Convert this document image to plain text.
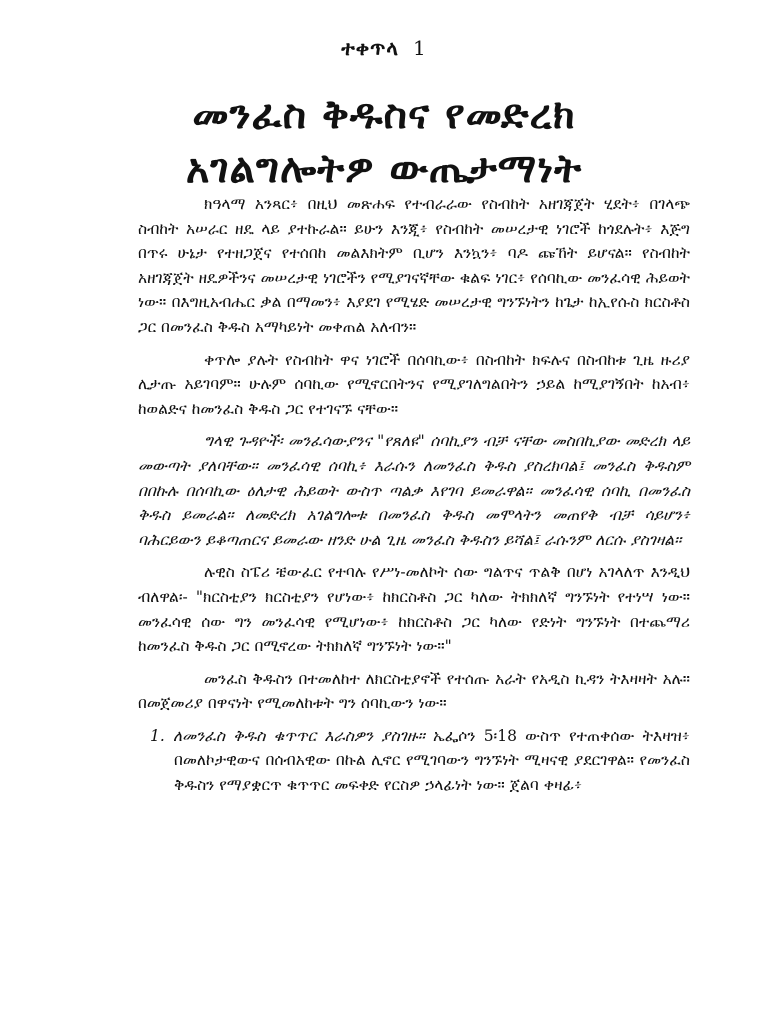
ተቀጥላ 1
መንፈስ ቅዱስና የመድረክ
አገልግሎትዎ ውጤታማነት

ክዓላማ አንጻር፥ በዚህ መጽሐፍ የተብራራው የስብከት አዘገጃጀት ሂደት፥ በገላጭ ስብከት አሠራር ዘዴ ላይ ያተኩራል። ይሁን እንጂ፥ የስብከት መሠረታዊ ነገሮች ከጎደሉት፥ እጅግ በጥሩ ሁኔታ የተዘጋጀና የተሰበከ መልእክትም ቢሆን እንኳን፥ ባዶ ጩኸት ይሆናል። የስብከት አዘገጃጀት ዘዴዎችንና መሠረታዊ ነገሮችን የሚያገናኛቸው ቁልፍ ነገር፥ የሰባኪው መንፈሳዊ ሕይወት ነው። በእግዚአብሔር ቃል በማመን፥ እያደገ የሚሄድ መሠረታዊ ግንኙነትን ከጌታ ከኢየሱስ ክርስቶስ ጋር በመንፈስ ቅዱስ አማካይነት መቀጠል አለብን።

ቀጥሎ ያሉት የስብከት ዋና ነገሮች በሰባኪው፥ በስብከት ክፍሉና በስብከቱ ጊዜ ዙሪያ ሊታጡ አይገባም። ሁሉም ሰባኪው የሚኖርበትንና የሚያገለግልበትን ኃይል ከሚያገኝበት ከአብ፥ ከወልድና ከመንፈስ ቅዱስ ጋር የተገናኙ ናቸው።

ግላዊ ጉዳዮች፡ መንፈሳውያንና "የጸለዩ" ሰባኪያን ብቻ ናቸው መስበኪያው መድረክ ላይ መውጣት ያለባቸው። መንፈሳዊ ሰባኪ፥ እራሱን ለመንፈስ ቅዱስ ያስረክባል፤ መንፈስ ቅዱስም በበኩሉ በሰባኪው ዕለታዊ ሕይወት ውስጥ ጣልቃ እየገባ ይመራዋል። መንፈሳዊ ሰባኪ በመንፈስ ቅዱስ ይመራል። ለመድረክ አገልግሎቱ በመንፈስ ቅዱስ መሞላትን መጠየቅ ብቻ ሳይሆን፥ ባሕርይውን ይቆጣጠርና ይመራው ዘንድ ሁል ጊዜ መንፈስ ቅዱስን ይሻል፤ ራሱንም ለርሱ ያስገዛል።

ሉዊስ ስፔሪ ቼውፈር የተባሉ የሥነ-መለኮት ሰው ግልጥና ጥልቅ በሆነ አገላለጥ እንዲህ ብለዋል፡- "ክርስቲያን ክርስቲያን የሆነው፥ ከክርስቶስ ጋር ካለው ትክክለኛ ግንኙነት የተነሣ ነው። መንፈሳዊ ሰው ግን መንፈሳዊ የሚሆነው፥ ከክርስቶስ ጋር ካለው የድነት ግንኙነት በተጨማሪ ከመንፈስ ቅዱስ ጋር በሚኖረው ትክክለኛ ግንኙነት ነው።"

መንፈስ ቅዱስን በተመለከተ ለክርስቲያኖች የተሰጡ አራት የአዲስ ኪዳን ትእዛዛት አሉ። በመጀመሪያ በዋናነት የሚመለከቱት ግን ሰባኪውን ነው።

1. ለመንፈስ ቅዱስ ቁጥጥር እራስዎን ያስገዙ። ኤፌሶን 5፡18 ውስጥ የተጠቀሰው ትእዛዝ፥ በመለኮታዊውና በሰብአዊው በኩል ሊኖር የሚገባውን ግንኙነት ሚዛናዊ ያደርገዋል። የመንፈስ ቅዱስን የማያቋርጥ ቁጥጥር መፍቀድ የርስዎ ኃላፊነት ነው። ጀልባ ቀዛፊ፥
